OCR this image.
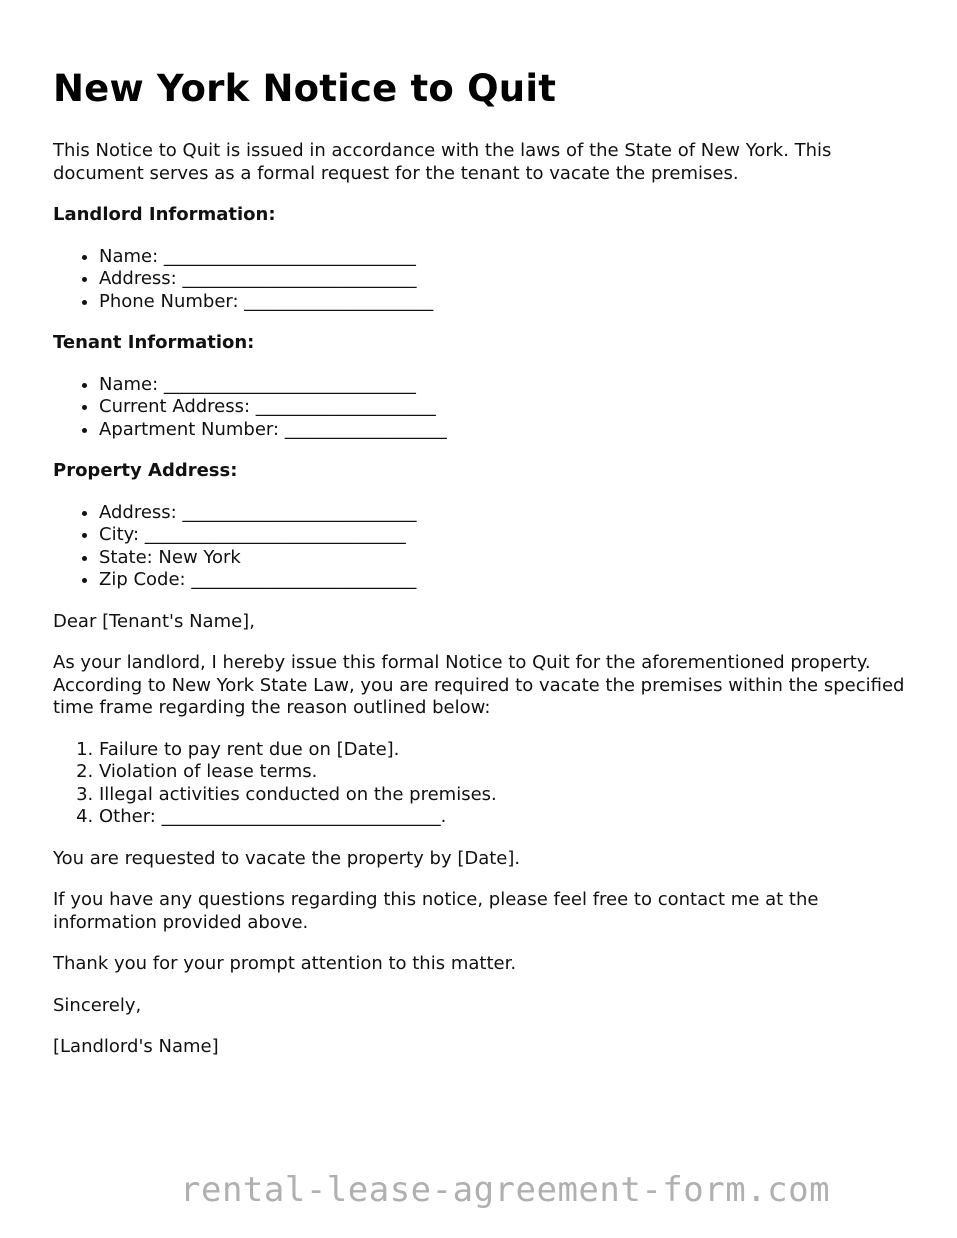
New York Notice to Quit

This Notice to Quit is issued in accordance with the laws of the State of New York. This document serves as a formal request for the tenant to vacate the premises.

Landlord Information:

• Name: ____________________________
• Address: __________________________
• Phone Number: _____________________

Tenant Information:

• Name: ____________________________
• Current Address: ____________________
• Apartment Number: __________________

Property Address:

• Address: __________________________
• City: _____________________________
• State: New York
• Zip Code: _________________________

Dear [Tenant's Name],

As your landlord, I hereby issue this formal Notice to Quit for the aforementioned property. According to New York State Law, you are required to vacate the premises within the specified time frame regarding the reason outlined below:

1. Failure to pay rent due on [Date].
2. Violation of lease terms.
3. Illegal activities conducted on the premises.
4. Other: _______________________________.

You are requested to vacate the property by [Date].

If you have any questions regarding this notice, please feel free to contact me at the information provided above.

Thank you for your prompt attention to this matter.

Sincerely,

[Landlord's Name]

rental-lease-agreement-form.com
